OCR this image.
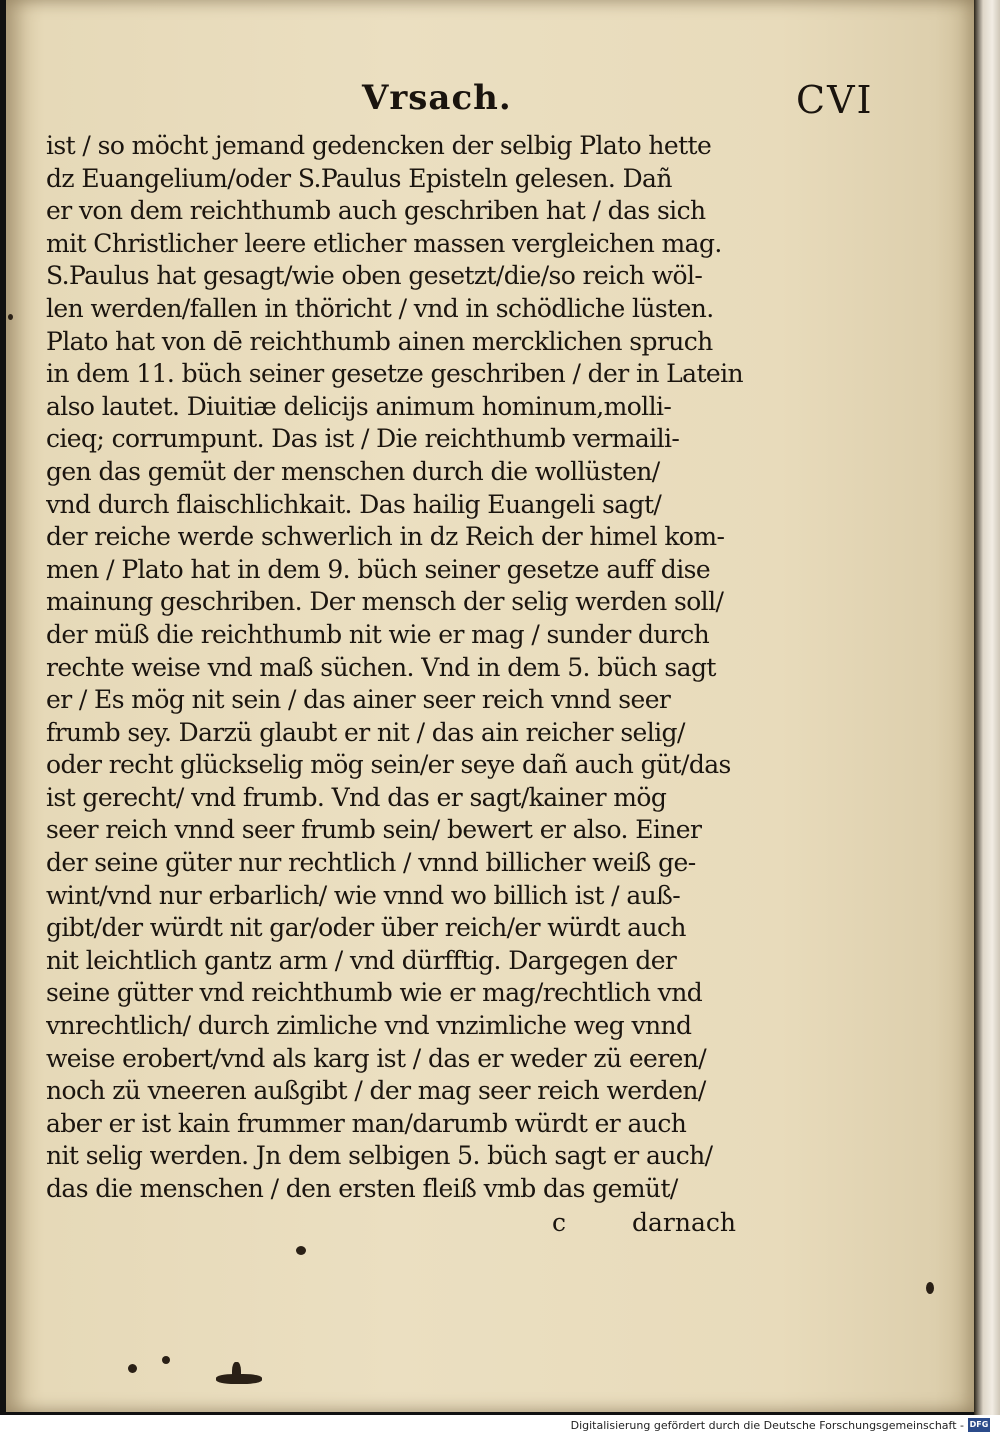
Vrsach.	CVI
ist / so möcht jemand gedencken der selbig Plato hette
dz Euangelium/oder S.Paulus Episteln gelesen. Dañ
er von dem reichthumb auch geschriben hat / das sich
mit Christlicher leere etlicher massen vergleichen mag.
S.Paulus hat gesagt/wie oben gesetzt/die/so reich wöl-
len werden/fallen in thöricht / vnd in schödliche lüsten.
Plato hat von dē reichthumb ainen mercklichen spruch
in dem 11. büch seiner gesetze geschriben / der in Latein
also lautet. Diuitiæ delicijs animum hominum,molli-
cieq; corrumpunt. Das ist / Die reichthumb vermaili-
gen das gemüt der menschen durch die wollüsten/
vnd durch flaischlichkait. Das hailig Euangeli sagt/
der reiche werde schwerlich in dz Reich der himel kom-
men / Plato hat in dem 9. büch seiner gesetze auff dise
mainung geschriben. Der mensch der selig werden soll/
der müß die reichthumb nit wie er mag / sunder durch
rechte weise vnd maß süchen. Vnd in dem 5. büch sagt
er / Es mög nit sein / das ainer seer reich vnnd seer
frumb sey. Darzü glaubt er nit / das ain reicher selig/
oder recht glückselig mög sein/er seye dañ auch güt/das
ist gerecht/ vnd frumb. Vnd das er sagt/kainer mög
seer reich vnnd seer frumb sein/ bewert er also. Einer
der seine güter nur rechtlich / vnnd billicher weiß ge-
wint/vnd nur erbarlich/ wie vnnd wo billich ist / auß-
gibt/der würdt nit gar/oder über reich/er würdt auch
nit leichtlich gantz arm / vnd dürfftig. Dargegen der
seine gütter vnd reichthumb wie er mag/rechtlich vnd
vnrechtlich/ durch zimliche vnd vnzimliche weg vnnd
weise erobert/vnd als karg ist / das er weder zü eeren/
noch zü vneeren außgibt / der mag seer reich werden/
aber er ist kain frummer man/darumb würdt er auch
nit selig werden. Jn dem selbigen 5. büch sagt er auch/
das die menschen / den ersten fleiß vmb das gemüt/
c	darnach
Digitalisierung gefördert durch die Deutsche Forschungsgemeinschaft - DFG
